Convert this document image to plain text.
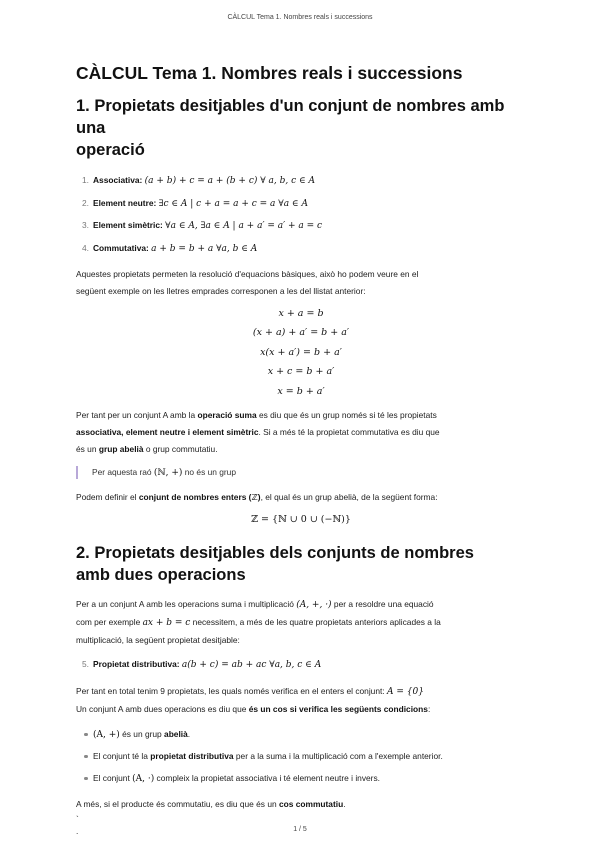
CÀLCUL Tema 1. Nombres reals i successions
CÀLCUL Tema 1. Nombres reals i successions
1. Propietats desitjables d'un conjunt de nombres amb una
operació
1. Associativa: (a + b) + c = a + (b + c) ∀ a, b, c ∈ A
2. Element neutre: ∃c ∈ A | c + a = a + c = a ∀a ∈ A
3. Element simètric: ∀a ∈ A, ∃a ∈ A | a + a′ = a′ + a = c
4. Commutativa: a + b = b + a ∀a, b ∈ A

Aquestes propietats permeten la resolució d'equacions bàsiques, això ho podem veure en el
següent exemple on les lletres emprades corresponen a les del llistat anterior:

x + a = b
(x + a) + a′ = b + a′
x(x + a′) = b + a′
x + c = b + a′
x = b + a′

Per tant per un conjunt A amb la operació suma es diu que és un grup només si té les propietats
associativa, element neutre i element simètric. Si a més té la propietat commutativa es diu que
és un grup abelià o grup commutatiu.

Per aquesta raó (ℕ, +) no és un grup

Podem definir el conjunt de nombres enters (ℤ), el qual és un grup abelià, de la següent forma:

ℤ = {ℕ ∪ 0 ∪ (−ℕ)}
2. Propietats desitjables dels conjunts de nombres
amb dues operacions

Per a un conjunt A amb les operacions suma i multiplicació (A, +, ·) per a resoldre una equació
com per exemple ax + b = c necessitem, a més de les quatre propietats anteriors aplicades a la
multiplicació, la següent propietat desitjable:

5. Propietat distributiva: a(b + c) = ab + ac ∀a, b, c ∈ A

Per tant en total tenim 9 propietats, les quals només verifica en el enters el conjunt: A = {0}
Un conjunt A amb dues operacions es diu que és un cos si verifica les següents condicions:

(A, +) és un grup abelià.
El conjunt té la propietat distributiva per a la suma i la multiplicació com a l'exemple anterior.
El conjunt (A, ·) compleix la propietat associativa i té element neutre i invers.

A més, si el producte és commutatiu, es diu que és un cos commutatiu.

`

.	1 / 5
